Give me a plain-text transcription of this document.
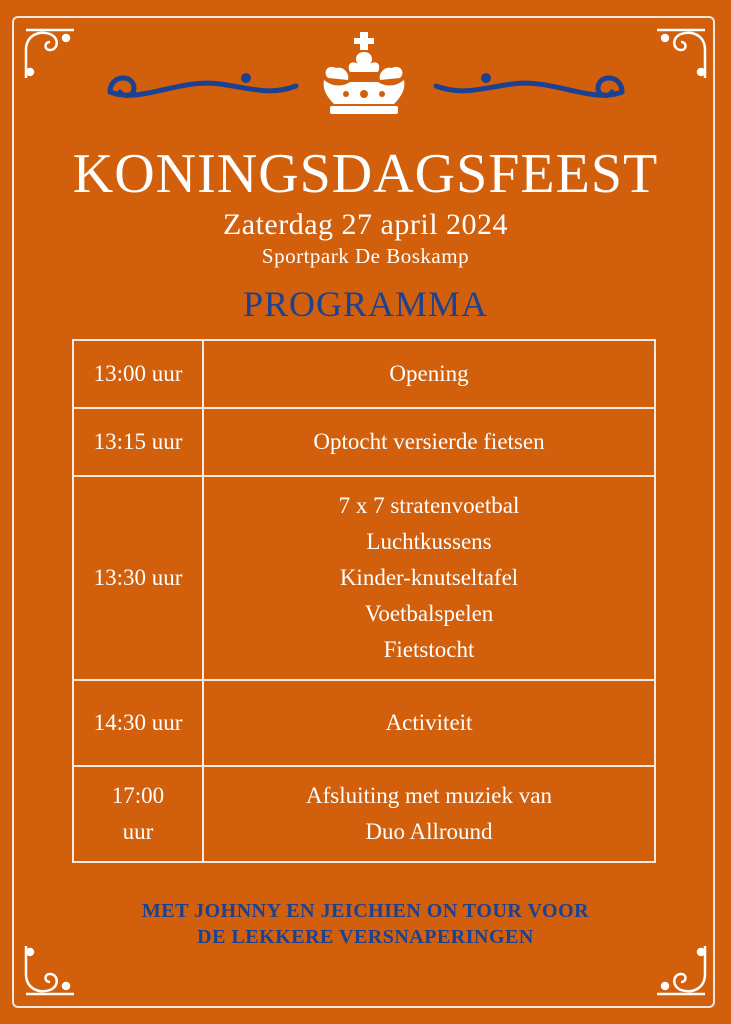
KONINGSDAGSFEEST
Zaterdag 27 april 2024
Sportpark De Boskamp
PROGRAMMA
13:00 uur	Opening

13:15 uur	Optocht versierde fietsen

13:30 uur	7 x 7 stratenvoetbal
Luchtkussens
Kinder-knutseltafel
Voetbalspelen
Fietstocht

14:30 uur	Activiteit

17:00
uur	Afsluiting met muziek van
Duo Allround
MET JOHNNY EN JEICHIEN ON TOUR VOOR
DE LEKKERE VERSNAPERINGEN
